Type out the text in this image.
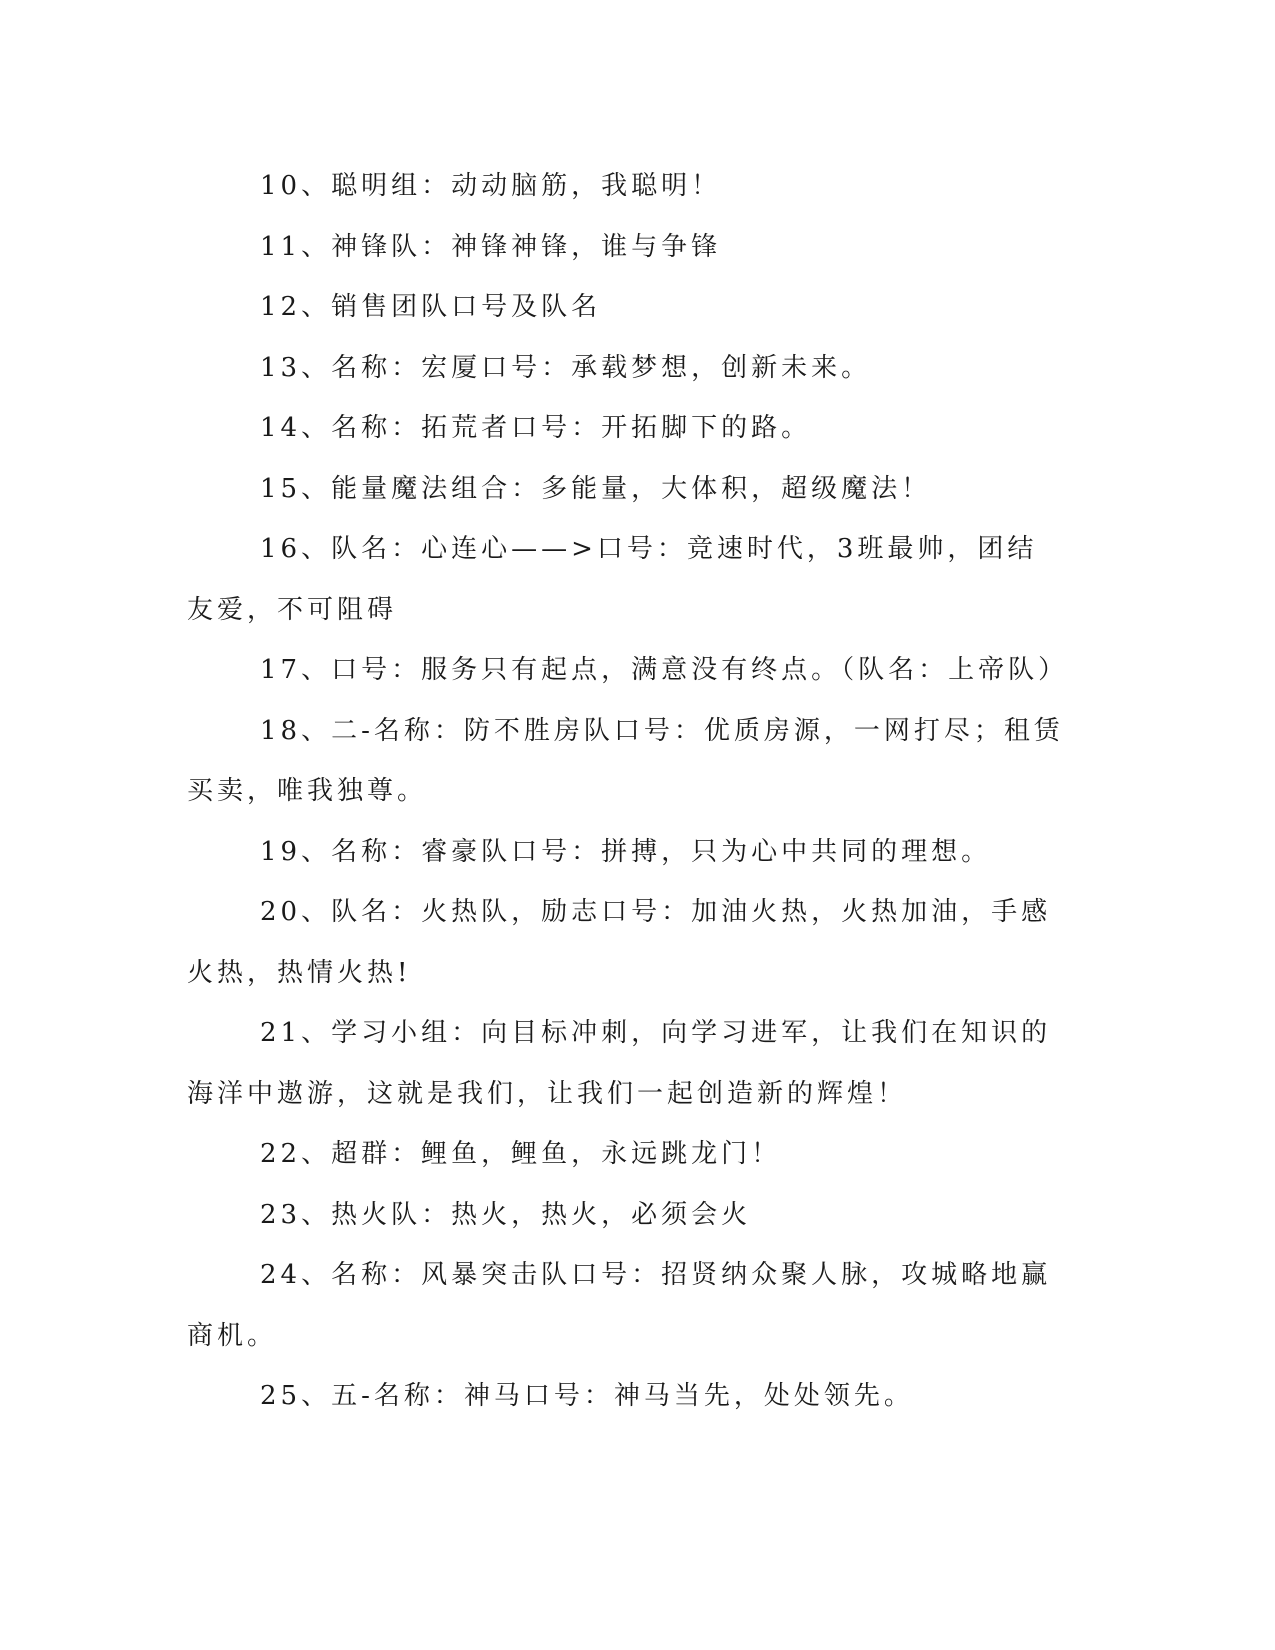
10、聪明组：动动脑筋，我聪明！

11、神锋队：神锋神锋，谁与争锋

12、销售团队口号及队名

13、名称：宏厦口号：承载梦想，创新未来。

14、名称：拓荒者口号：开拓脚下的路。

15、能量魔法组合：多能量，大体积，超级魔法！

16、队名：心连心——>口号：竞速时代，3班最帅，团结友爱，不可阻碍

17、口号：服务只有起点，满意没有终点。（队名：上帝队）

18、二-名称：防不胜房队口号：优质房源，一网打尽；租赁买卖，唯我独尊。

19、名称：睿豪队口号：拼搏，只为心中共同的理想。

20、队名：火热队，励志口号：加油火热，火热加油，手感火热，热情火热!

21、学习小组：向目标冲刺，向学习进军，让我们在知识的海洋中遨游，这就是我们，让我们一起创造新的辉煌！

22、超群：鲤鱼，鲤鱼，永远跳龙门！

23、热火队：热火，热火，必须会火

24、名称：风暴突击队口号：招贤纳众聚人脉，攻城略地赢商机。

25、五-名称：神马口号：神马当先，处处领先。
